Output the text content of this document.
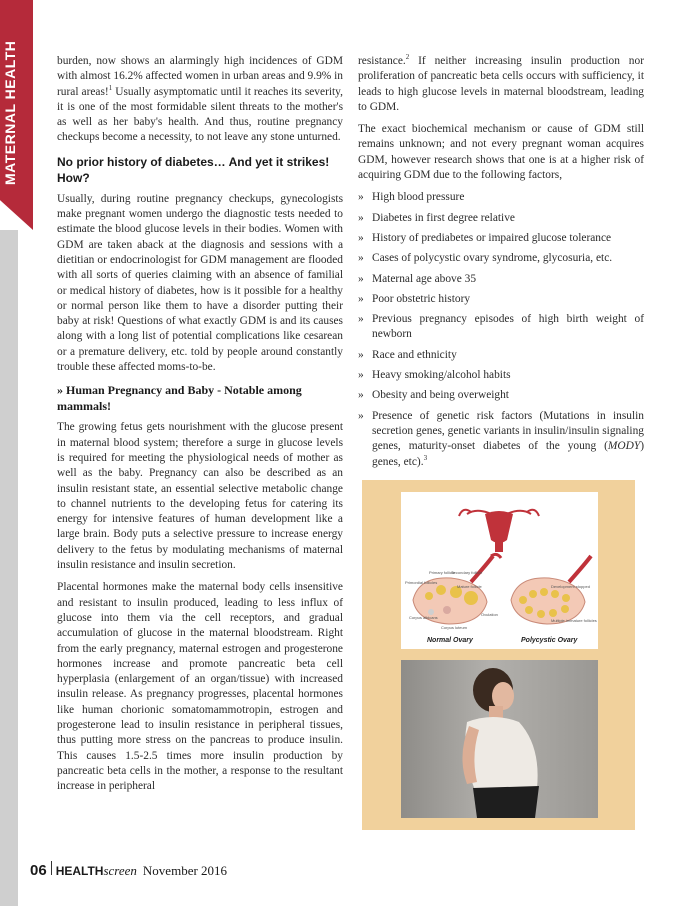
MATERNAL HEALTH	burden, now shows an alarmingly high incidences of GDM with almost 16.2% affected women in urban areas and 9.9% in rural areas!$^1$ Usually asymptomatic until it reaches its severity, it is one of the most formidable silent threats to the mother's as well as her baby's health. And thus, routine pregnancy checkups become a necessity, to not leave any stone unturned.

No prior history of diabetes… And yet it strikes! How?

Usually, during routine pregnancy checkups, gynecologists make pregnant women undergo the diagnostic tests needed to estimate the blood glucose levels in their bodies. Women with GDM are taken aback at the diagnosis and sessions with a dietitian or endocrinologist for GDM management are flooded with all sorts of queries claiming with an absence of familial or medical history of diabetes, how is it possible for a healthy or normal person like them to have a disorder putting their baby at risk! Questions of what exactly GDM is and its causes along with a long list of potential complications like cesarean or a premature delivery, etc. told by people around constantly trouble these affected moms-to-be.

» Human Pregnancy and Baby - Notable among mammals!

The growing fetus gets nourishment with the glucose present in maternal blood system; therefore a surge in glucose levels is required for meeting the physiological needs of mother as well as the baby. Pregnancy can also be described as an insulin resistant state, an essential selective metabolic change to channel nutrients to the developing fetus for catering its energy for intensive features of human development like a large brain. Body puts a selective pressure to increase energy delivery to the fetus by modulating mechanisms of maternal insulin resistance and insulin secretion.

Placental hormones make the maternal body cells insensitive and resistant to insulin produced, leading to less influx of glucose into them via the cell receptors, and gradual accumulation of glucose in the maternal bloodstream. Right from the early pregnancy, maternal estrogen and progesterone hormones increase and promote pancreatic beta cell hyperplasia (enlargement of an organ/tissue) with increased insulin release. As pregnancy progresses, placental hormones like human chorionic somatomammotropin, estrogen and progesterone lead to insulin resistance in peripheral tissues, thus putting more stress on the pancreas to produce insulin. This causes 1.5-2.5 times more insulin production by pancreatic beta cells in the mother, a response to the resultant increase in peripheral

resistance.$^2$ If neither increasing insulin production nor proliferation of pancreatic beta cells occurs with sufficiency, it leads to high glucose levels in maternal bloodstream, leading to GDM.

The exact biochemical mechanism or cause of GDM still remains unknown; and not every pregnant woman acquires GDM, however research shows that one is at a higher risk of acquiring GDM due to the following factors,

» High blood pressure
» Diabetes in first degree relative
» History of prediabetes or impaired glucose tolerance
» Cases of polycystic ovary syndrome, glycosuria, etc.
» Maternal age above 35
» Poor obstetric history
» Previous pregnancy episodes of high birth weight of newborn
» Race and ethnicity
» Heavy smoking/alcohol habits
» Obesity and being overweight
» Presence of genetic risk factors (Mutations in insulin secretion genes, genetic variants in insulin/insulin signaling genes, maturity-onset diabetes of the young (MODY) genes, etc).$^3$
Primordial follicles
Primary follicle
Secondary follicle
Mature follicle
Ovulation
Corpus albicans
Corpus luteum
Development stopped
Multiple immature follicles
Normal Ovary	Polycystic Ovary
06 HEALTH screen November 2016
